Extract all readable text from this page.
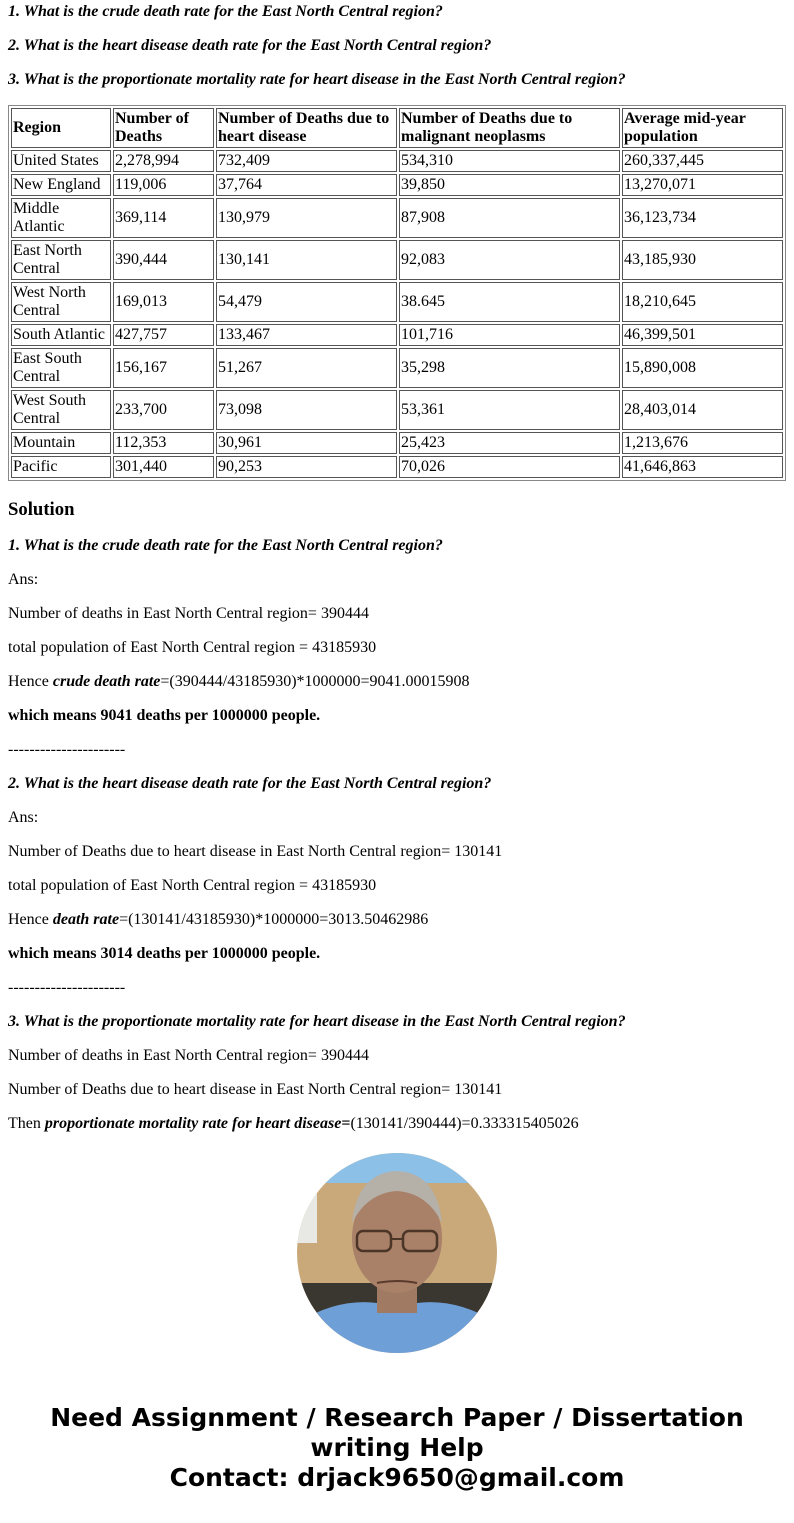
1. What is the crude death rate for the East North Central region?

2. What is the heart disease death rate for the East North Central region?

3. What is the proportionate mortality rate for heart disease in the East North Central region?

Region	Number of Deaths	Number of Deaths due to heart disease	Number of Deaths due to malignant neoplasms	Average mid-year population
United States	2,278,994	732,409	534,310	260,337,445
New England	119,006	37,764	39,850	13,270,071
Middle Atlantic	369,114	130,979	87,908	36,123,734
East North Central	390,444	130,141	92,083	43,185,930
West North Central	169,013	54,479	38.645	18,210,645
South Atlantic	427,757	133,467	101,716	46,399,501
East South Central	156,167	51,267	35,298	15,890,008
West South Central	233,700	73,098	53,361	28,403,014
Mountain	112,353	30,961	25,423	1,213,676
Pacific	301,440	90,253	70,026	41,646,863
Solution

1. What is the crude death rate for the East North Central region?

Ans:

Number of deaths in East North Central region= 390444

total population of East North Central region = 43185930

Hence crude death rate=(390444/43185930)*1000000=9041.00015908

which means 9041 deaths per 1000000 people.

----------------------

2. What is the heart disease death rate for the East North Central region?

Ans:

Number of Deaths due to heart disease in East North Central region= 130141

total population of East North Central region = 43185930

Hence death rate=(130141/43185930)*1000000=3013.50462986

which means 3014 deaths per 1000000 people.

----------------------

3. What is the proportionate mortality rate for heart disease in the East North Central region?

Number of deaths in East North Central region= 390444

Number of Deaths due to heart disease in East North Central region= 130141

Then proportionate mortality rate for heart disease=(130141/390444)=0.333315405026

Need Assignment / Research Paper / Dissertation writing Help
Contact: drjack9650@gmail.com
